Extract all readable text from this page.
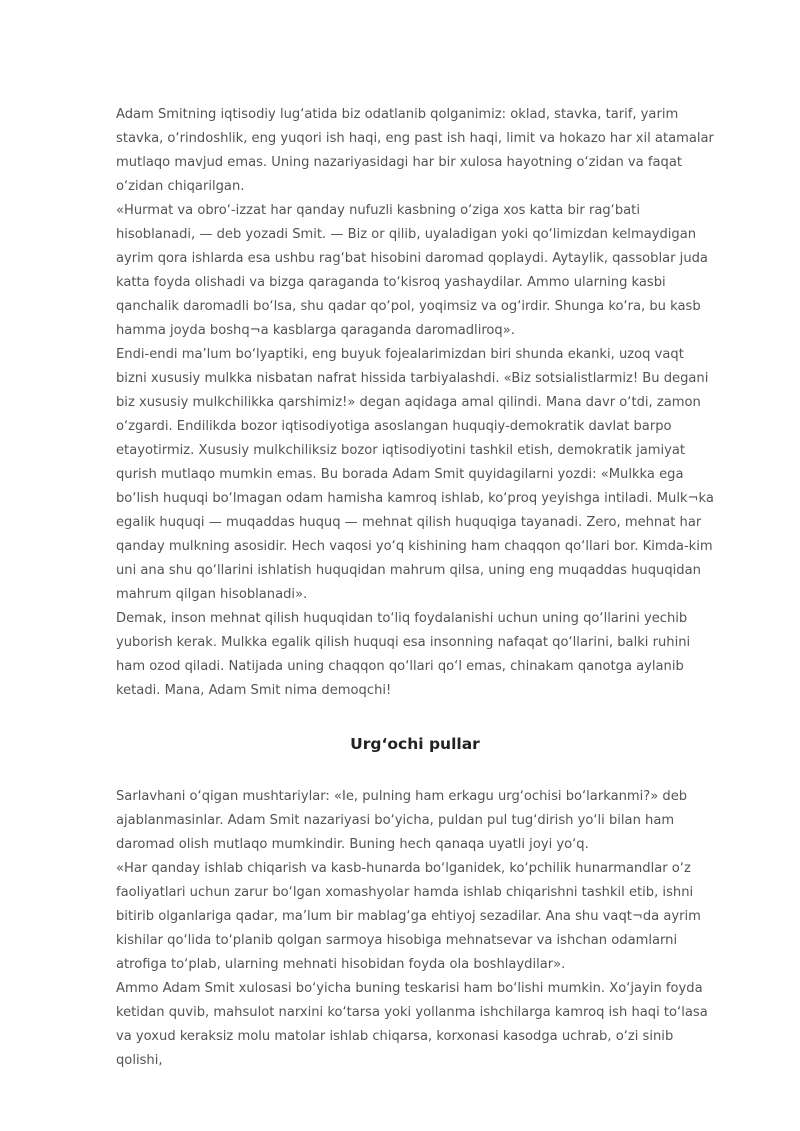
Adam Smitning iqtisodiy lug‘atida biz odatlanib qolganimiz: oklad, stavka, tarif, yarim stavka, o‘rindoshlik, eng yuqori ish haqi, eng past ish haqi, limit va hokazo har xil atamalar mutlaqo mavjud emas. Uning nazariyasidagi har bir xulosa hayotning o‘zidan va faqat o‘zidan chiqarilgan.

«Hurmat va obro‘-izzat har qanday nufuzli kasbning o‘ziga xos katta bir rag‘bati hisoblanadi, — deb yozadi Smit. — Biz or qilib, uyaladigan yoki qo‘limizdan kelmaydigan ayrim qora ishlarda esa ushbu rag‘bat hisobini daromad qoplaydi. Aytaylik, qassoblar juda katta foyda olishadi va bizga qaraganda to‘kisroq yashaydilar. Ammo ularning kasbi qanchalik daromadli bo‘lsa, shu qadar qo‘pol, yoqimsiz va og‘irdir. Shunga ko‘ra, bu kasb hamma joyda boshq¬a kasblarga qaraganda daromadliroq».

Endi-endi ma’lum bo‘lyaptiki, eng buyuk fojealarimizdan biri shunda ekanki, uzoq vaqt bizni xususiy mulkka nisbatan nafrat hissida tarbiyalashdi. «Biz sotsialistlarmiz! Bu degani biz xususiy mulkchilikka qarshimiz!» degan aqidaga amal qilindi. Mana davr o‘tdi, zamon o‘zgardi. Endilikda bozor iqtisodiyotiga asoslangan huquqiy-demokratik davlat barpo etayotirmiz. Xususiy mulkchiliksiz bozor iqtisodiyotini tashkil etish, demokratik jamiyat qurish mutlaqo mumkin emas. Bu borada Adam Smit quyidagilarni yozdi: «Mulkka ega bo‘lish huquqi bo‘lmagan odam hamisha kamroq ishlab, ko‘proq yeyishga intiladi. Mulk¬ka egalik huquqi — muqaddas huquq — mehnat qilish huquqiga tayanadi. Zero, mehnat har qanday mulkning asosidir. Hech vaqosi yo‘q kishining ham chaqqon qo‘llari bor. Kimda-kim uni ana shu qo‘llarini ishlatish huquqidan mahrum qilsa, uning eng muqaddas huquqidan mahrum qilgan hisoblanadi».

Demak, inson mehnat qilish huquqidan to‘liq foydalanishi uchun uning qo‘llarini yechib yuborish kerak. Mulkka egalik qilish huquqi esa insonning nafaqat qo‘llarini, balki ruhini ham ozod qiladi. Natijada uning chaqqon qo‘llari qo‘l emas, chinakam qanotga aylanib ketadi. Mana, Adam Smit nima demoqchi!

Urg‘ochi pullar

Sarlavhani o‘qigan mushtariylar: «Ie, pulning ham erkagu urg‘ochisi bo‘larkanmi?» deb ajablanmasinlar. Adam Smit nazariyasi bo‘yicha, puldan pul tug‘dirish yo‘li bilan ham daromad olish mutlaqo mumkindir. Buning hech qanaqa uyatli joyi yo‘q.

«Har qanday ishlab chiqarish va kasb-hunarda bo‘lganidek, ko‘pchilik hunarmandlar o‘z faoliyatlari uchun zarur bo‘lgan xomashyolar hamda ishlab chiqarishni tashkil etib, ishni bitirib olganlariga qadar, ma’lum bir mablag‘ga ehtiyoj sezadilar. Ana shu vaqt¬da ayrim kishilar qo‘lida to‘planib qolgan sarmoya hisobiga mehnatsevar va ishchan odamlarni atrofiga to‘plab, ularning mehnati hisobidan foyda ola boshlaydilar».

Ammo Adam Smit xulosasi bo‘yicha buning teskarisi ham bo‘lishi mumkin. Xo‘jayin foyda ketidan quvib, mahsulot narxini ko‘tarsa yoki yollanma ishchilarga kamroq ish haqi to‘lasa va yoxud keraksiz molu matolar ishlab chiqarsa, korxonasi kasodga uchrab, o‘zi sinib qolishi,
